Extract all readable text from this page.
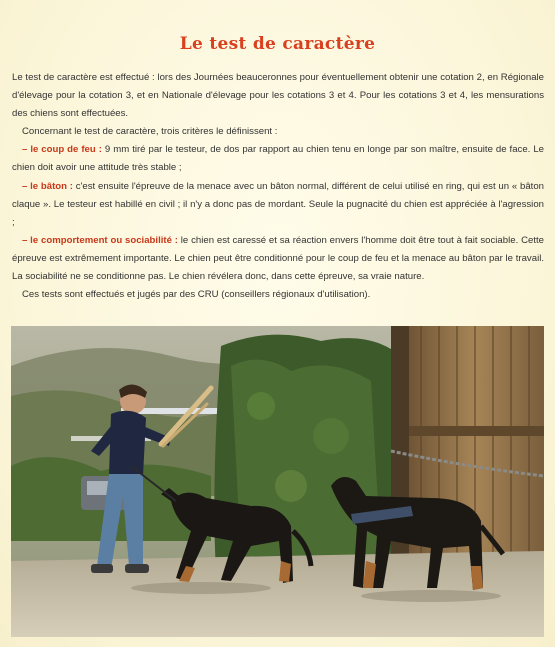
Le test de caractère

Le test de caractère est effectué : lors des Journées beauceronnes pour éventuellement obtenir une cotation 2, en Régionale d'élevage pour la cotation 3, et en Nationale d'élevage pour les cotations 3 et 4. Pour les cotations 3 et 4, les mensurations des chiens sont effectuées.

Concernant le test de caractère, trois critères le définissent :

– le coup de feu : 9 mm tiré par le testeur, de dos par rapport au chien tenu en longe par son maître, ensuite de face. Le chien doit avoir une attitude très stable ;

– le bâton : c'est ensuite l'épreuve de la menace avec un bâton normal, différent de celui utilisé en ring, qui est un « bâton claque ». Le testeur est habillé en civil ; il n'y a donc pas de mordant. Seule la pugnacité du chien est appréciée à l'agression ;

– le comportement ou sociabilité : le chien est caressé et sa réaction envers l'homme doit être tout à fait sociable. Cette épreuve est extrêmement importante. Le chien peut être conditionné pour le coup de feu et la menace au bâton par le travail. La sociabilité ne se conditionne pas. Le chien révélera donc, dans cette épreuve, sa vraie nature.

Ces tests sont effectués et jugés par des CRU (conseillers régionaux d'utilisation).
